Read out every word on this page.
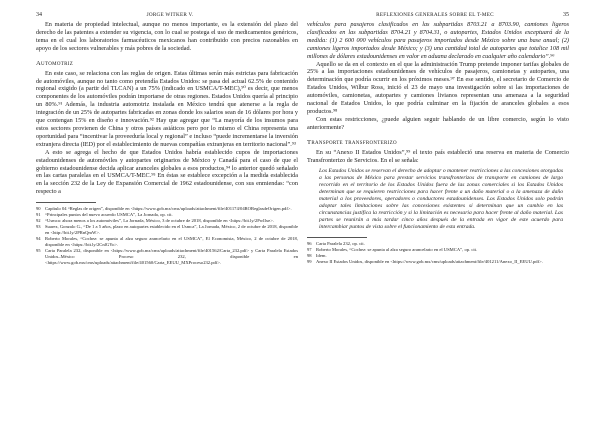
34	JORGE WITKER V.

En materia de propiedad intelectual, aunque no menos importante, es la extensión del plazo del derecho de las patentes a extender su vigencia, con lo cual se postega el uso de medicamentos genéricos, tema en el cual los laboratorios farmacéuticos mexicanos han contribuido con precios razonables en apoyo de los sectores vulnerables y más pobres de la sociedad.

Automotriz

En este caso, se relaciona con las reglas de origen. Estas últimas serán más estrictas para fabricación de automóviles, aunque no tanto como pretendía Estados Unidos: se pasa del actual 62.5% de contenido regional exigido (a partir del TLCAN) a un 75% (indicado en USMCA/T-MEC),⁹⁰ es decir, que menos componentes de los automóviles podrán importarse de otras regiones. Estados Unidos quería al principio un 80%.⁹¹ Además, la industria automotriz instalada en México tendrá que atenerse a la regla de integración de un 25% de autopartes fabricadas en zonas donde los salarios sean de 16 dólares por hora y que contengan 15% en diseño e innovación.⁹² Hay que agregar que “La mayoría de los insumos para estos sectores provienen de China y otros países asiáticos pero por lo mismo el China representa una oportunidad para “incentivar la proveeduría local y regional” e incluso “puede incrementarse la inversión extranjera directa (IED) por el establecimiento de nuevas compañías extranjeras en territorio nacional”.⁹³

A esto se agrega el hecho de que Estados Unidos habría establecido cupos de importaciones estadounidenses de automóviles y autopartes originarios de México y Canadá para el caso de que el gobierno estadounidense decida aplicar aranceles globales a esos productos,⁹⁴ lo anterior quedó señalado en las cartas paralelas en el USMCA/T-MEC.⁹⁵ En éstas se establece excepción a la medida establecida en la sección 232 de la Ley de Expansión Comercial de 1962 estadounidense, con sus enmiendas: “con respecto a

90 Capítulo 04 “Reglas de origen”, disponible en <https://www.gob.mx/cms/uploads/attachment/file/401174/04ROReglasdeOrigen.pdf>.

91 “Principales puntos del nuevo acuerdo USMCA”, La Jornada, op. cit.

92 “Usmca: ahora menos a los automóviles”, La Jornada, México, 3 de octubre de 2018, disponible en <https://bit.ly/2PwlIxe>.

93 Suarez, Gonzalo G., “De 1 a 5 años, plazo en autopartes establecido en el Usmca”, La Jornada, México, 2 de octubre de 2018, disponible en <http://bit.ly/2PRnQmW>.

94 Roberto Morales, “Cochez: se apunta al alza seguro arancelario en el USMCA”, El Economista, México, 2 de octubre de 2018, disponible en <https://bit.ly/2CnlGYo>.

95 Carta Paralela 232, disponible en <https://www.gob.mx/cms/uploads/attachment/file/401562/Carta_232.pdf> y Carta Paralela Estados Unidos–México Proceso 232, disponible en <https://www.gob.mx/cms/uploads/attachment/file/401560/Carta_EEUU_MXProceso232.pdf>.

REFLEXIONES GENERALES SOBRE EL T-MEC	35

vehículos para pasajeros clasificados en las subpartidas 8703.21 a 8703.90, camiones ligeros clasificados en las subpartidas 8704.21 y 8704.31, o autopartes, Estados Unidos exceptuará de la medida: (1) 2 600 000 vehículos para pasajeros importados desde México sobre una base anual; (2) camiones ligeros importados desde México; y (3) una cantidad total de autopartes que totalice 108 mil millones de dólares estadounidenses en valor en aduana declarado en cualquier año calendario”.⁹⁶

Aquello se da en el contexto en el que la administración Trump pretende imponer tarifas globales de 25% a las importaciones estadounidenses de vehículos de pasajeros, camionetas y autopartes, una determinación que podría ocurrir en los próximos meses.⁹⁷ En ese sentido, el secretario de Comercio de Estados Unidos, Wilbur Ross, inició el 23 de mayo una investigación sobre si las importaciones de automóviles, camionetas, autopartes y camiones livianos representan una amenaza a la seguridad nacional de Estados Unidos, lo que podría culminar en la fijación de aranceles globales a esos productos.⁹⁸

Con estas restricciones, ¿puede alguien seguir hablando de un libre comercio, según lo visto anteriormente?

Transporte transfronterizo

En su “Anexo II Estados Unidos”,⁹⁹ el texto país estableció una reserva en materia de Comercio Transfronterizo de Servicios. En el se señala:

Los Estados Unidos se reservan el derecho de adoptar o mantener restricciones a las concesiones otorgadas a las personas de México para prestar servicios transfronterizos de transporte en camiones de largo recorrido en el territorio de los Estados Unidos fuera de las zonas comerciales si los Estados Unidos determinan que se requieren restricciones para hacer frente a un daño material o a la amenaza de daño material a los proveedores, operadores o conductores estadounidenses. Los Estados Unidos solo podrán adoptar tales limitaciones sobre las concesiones existentes si determinan que un cambio en las circunstancias justifica la restricción y si la limitación es necesaria para hacer frente al daño material. Las partes se reunirán a más tardar cinco años después de la entrada en vigor de este acuerdo para intercambiar puntos de vista sobre el funcionamiento de esta entrada.

96 Carta Paralela 232, op. cit.

97 Roberto Morales, “Cochez: se apunta al alza seguro arancelario en el USMCA”, op. cit.

98 Idem.

99 Anexo II Estados Unidos, disponible en <https://www.gob.mx/cms/uploads/attachment/file/401211/Anexo_II_EEUU.pdf>.
